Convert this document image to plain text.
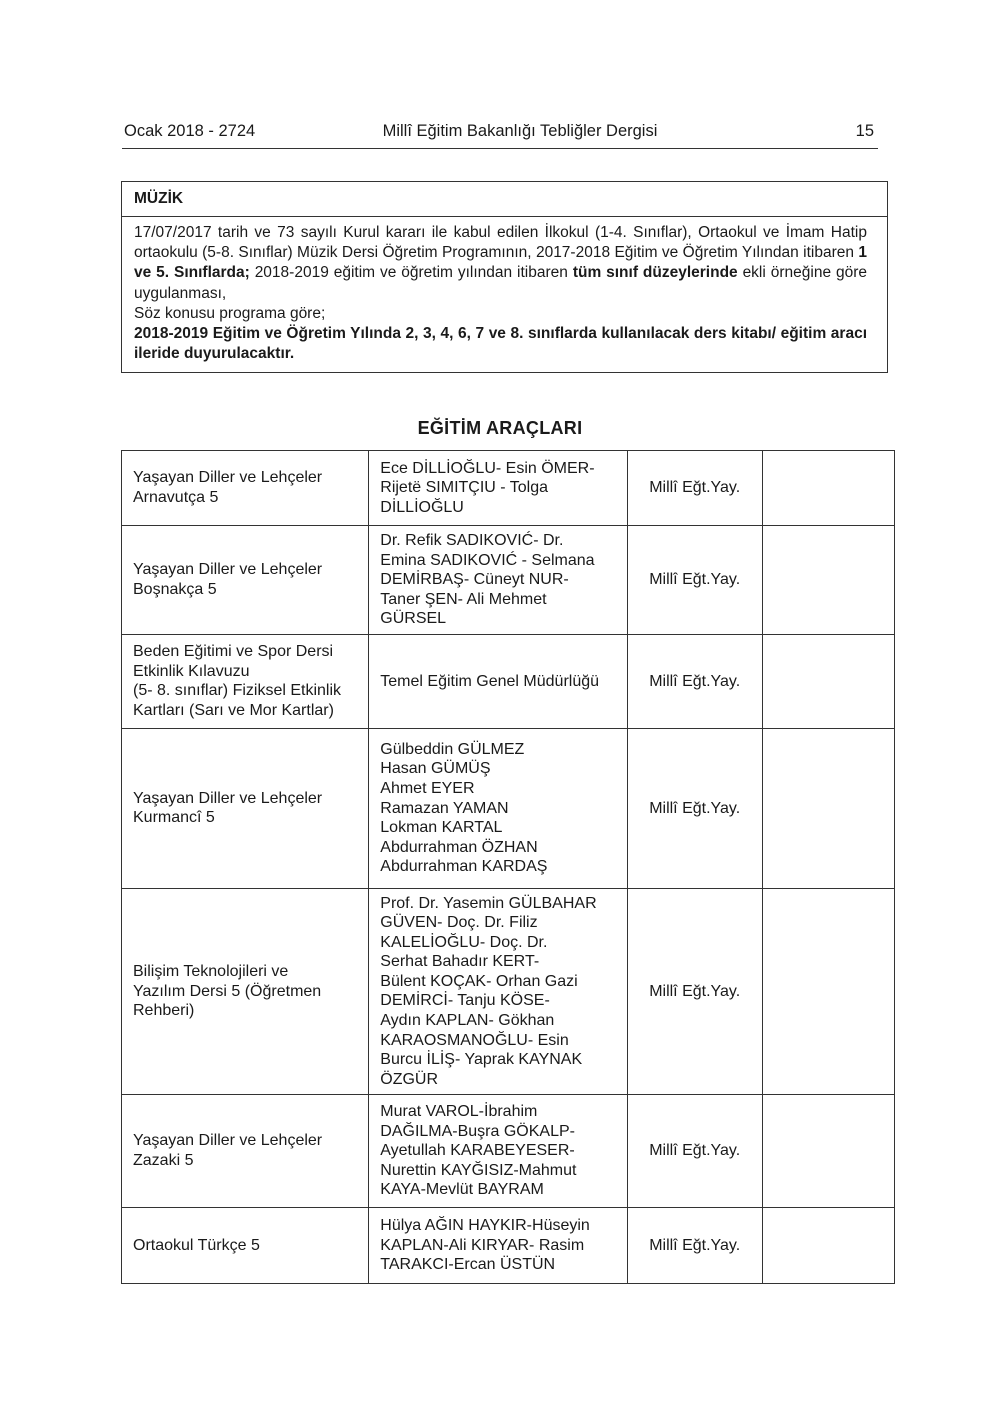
Ocak 2018 - 2724	Millî Eğitim Bakanlığı Tebliğler Dergisi	15
MÜZİK

17/07/2017 tarih ve 73 sayılı Kurul kararı ile kabul edilen İlkokul (1-4. Sınıflar), Ortaokul ve İmam Hatip ortaokulu (5-8. Sınıflar) Müzik Dersi Öğretim Programının, 2017-2018 Eğitim ve Öğretim Yılından itibaren 1 ve 5. Sınıflarda; 2018-2019 eğitim ve öğretim yılından itibaren tüm sınıf düzeylerinde ekli örneğine göre uygulanması,

Söz konusu programa göre;

2018-2019 Eğitim ve Öğretim Yılında 2, 3, 4, 6, 7 ve 8. sınıflarda kullanılacak ders kitabı/ eğitim aracı ileride duyurulacaktır.

EĞİTİM ARAÇLARI
Yaşayan Diller ve Lehçeler
Arnavutça 5

Ece DİLLİOĞLU- Esin ÖMER-
Rijetë SIMITÇIU - Tolga
DİLLİOĞLU
	Millî Eğt.Yay.	

Yaşayan Diller ve Lehçeler
Boşnakça 5

Dr. Refik SADIKOVIĆ- Dr.
Emina SADIKOVIĆ - Selmana
DEMİRBAŞ- Cüneyt NUR-
Taner ŞEN- Ali Mehmet
GÜRSEL
	Millî Eğt.Yay.	

Beden Eğitimi ve Spor Dersi
Etkinlik Kılavuzu
(5- 8. sınıflar) Fiziksel Etkinlik
Kartları (Sarı ve Mor Kartlar)

Temel Eğitim Genel Müdürlüğü	Millî Eğt.Yay.	

Yaşayan Diller ve Lehçeler
Kurmancî 5

Gülbeddin GÜLMEZ
Hasan GÜMÜŞ
Ahmet EYER
Ramazan YAMAN
Lokman KARTAL
Abdurrahman ÖZHAN
Abdurrahman KARDAŞ
	Millî Eğt.Yay.	

Bilişim Teknolojileri ve
Yazılım Dersi 5 (Öğretmen
Rehberi)

Prof. Dr. Yasemin GÜLBAHAR
GÜVEN- Doç. Dr. Filiz
KALELİOĞLU- Doç. Dr.
Serhat Bahadır KERT-
Bülent KOÇAK- Orhan Gazi
DEMİRCİ- Tanju KÖSE-
Aydın KAPLAN- Gökhan
KARAOSMANOĞLU- Esin
Burcu İLİŞ- Yaprak KAYNAK
ÖZGÜR
	Millî Eğt.Yay.	

Yaşayan Diller ve Lehçeler
Zazaki 5

Murat VAROL-İbrahim
DAĞILMA-Buşra GÖKALP-
Ayetullah KARABEYESER-
Nurettin KAYĞISIZ-Mahmut
KAYA-Mevlüt BAYRAM
	Millî Eğt.Yay.	

Ortaokul Türkçe 5

Hülya AĞIN HAYKIR-Hüseyin
KAPLAN-Ali KIRYAR- Rasim
TARAKCI-Ercan ÜSTÜN
	Millî Eğt.Yay.	
